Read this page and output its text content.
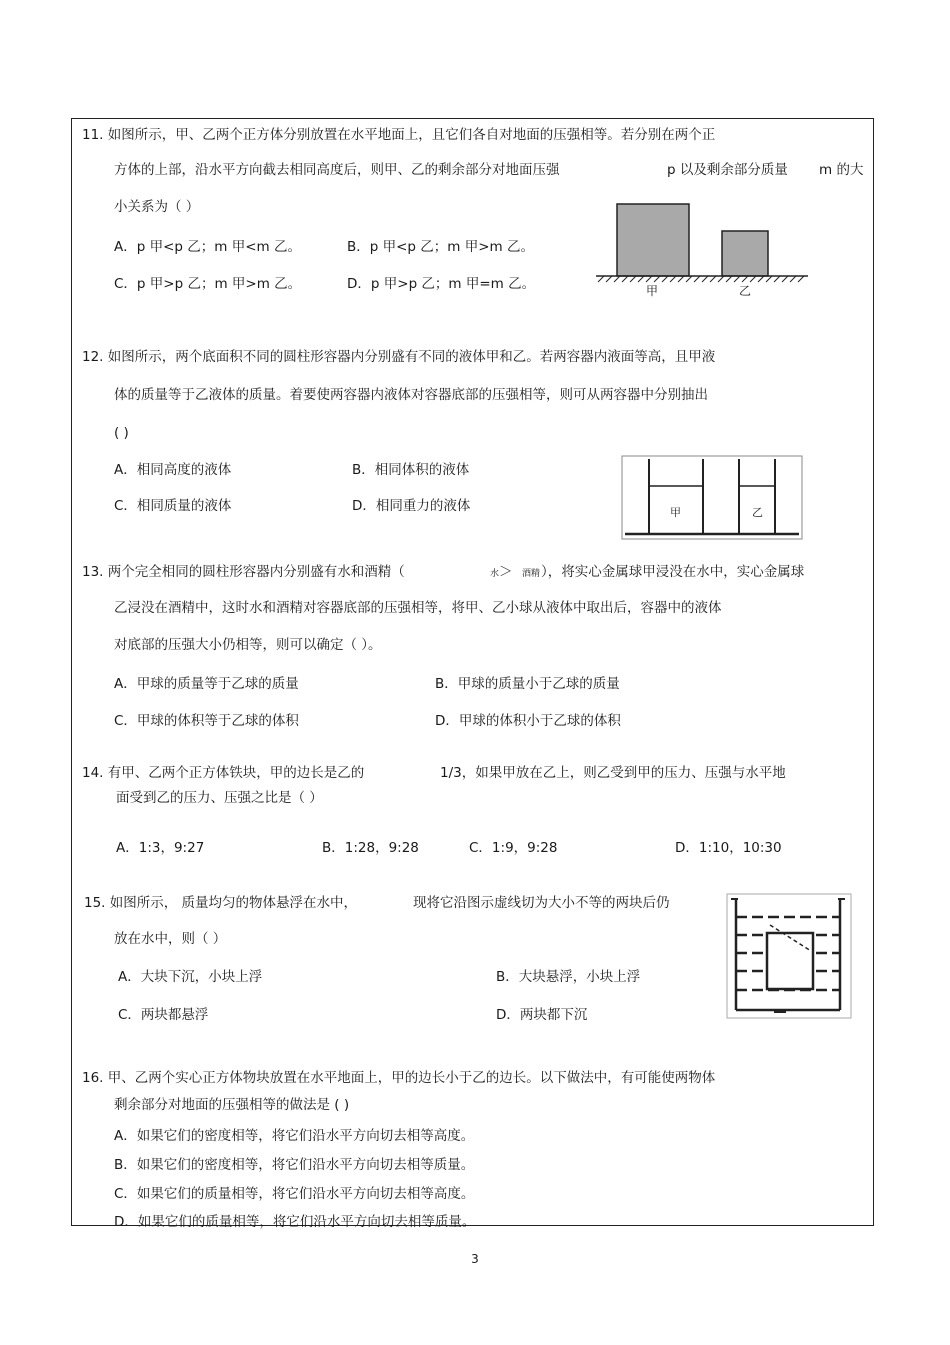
11. 如图所示，甲、乙两个正方体分别放置在水平地面上，且它们各自对地面的压强相等。若分别在两个正
方体的上部，沿水平方向截去相同高度后，则甲、乙的剩余部分对地面压强	p 以及剩余部分质量 m 的大
小关系为（ ）
A．p 甲<p 乙；m 甲<m 乙。	B．p 甲<p 乙；m 甲>m 乙。
C．p 甲>p 乙；m 甲>m 乙。	D．p 甲>p 乙；m 甲=m 乙。	甲	乙
12. 如图所示，两个底面积不同的圆柱形容器内分别盛有不同的液体甲和乙。若两容器内液面等高，且甲液
体的质量等于乙液体的质量。着要使两容器内液体对容器底部的压强相等，则可从两容器中分别抽出
( )
A．相同高度的液体	B．相同体积的液体
C．相同质量的液体	D．相同重力的液体	甲	乙
13. 两个完全相同的圆柱形容器内分别盛有水和酒精（	水 ＞ 酒精 ），将实心金属球甲浸没在水中，实心金属球
乙浸没在酒精中，这时水和酒精对容器底部的压强相等，将甲、乙小球从液体中取出后，容器中的液体
对底部的压强大小仍相等，则可以确定（ ）。
A．甲球的质量等于乙球的质量	B．甲球的质量小于乙球的质量
C．甲球的体积等于乙球的体积	D．甲球的体积小于乙球的体积
14. 有甲、乙两个正方体铁块，甲的边长是乙的	1/3，如果甲放在乙上，则乙受到甲的压力、压强与水平地
面受到乙的压力、压强之比是（ ）
A．1:3，9:27	B．1:28，9:28	C．1:9，9:28	D．1:10，10:30
15. 如图所示， 质量均匀的物体悬浮在水中，	现将它沿图示虚线切为大小不等的两块后仍
放在水中，则（ ）
A．大块下沉，小块上浮	B．大块悬浮，小块上浮
C．两块都悬浮	D．两块都下沉
16. 甲、乙两个实心正方体物块放置在水平地面上，甲的边长小于乙的边长。以下做法中，有可能使两物体
剩余部分对地面的压强相等的做法是 ( )
A．如果它们的密度相等，将它们沿水平方向切去相等高度。
B．如果它们的密度相等，将它们沿水平方向切去相等质量。
C．如果它们的质量相等，将它们沿水平方向切去相等高度。
D．如果它们的质量相等，将它们沿水平方向切去相等质量。
3
